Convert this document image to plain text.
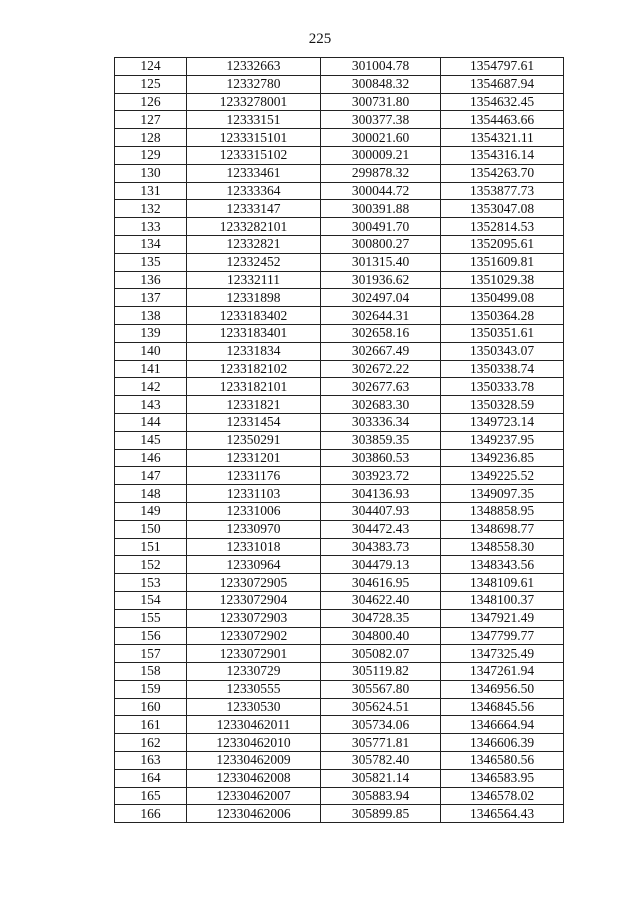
225
124	12332663	301004.78	1354797.61
125	12332780	300848.32	1354687.94
126	1233278001	300731.80	1354632.45
127	12333151	300377.38	1354463.66
128	1233315101	300021.60	1354321.11
129	1233315102	300009.21	1354316.14
130	12333461	299878.32	1354263.70
131	12333364	300044.72	1353877.73
132	12333147	300391.88	1353047.08
133	1233282101	300491.70	1352814.53
134	12332821	300800.27	1352095.61
135	12332452	301315.40	1351609.81
136	12332111	301936.62	1351029.38
137	12331898	302497.04	1350499.08
138	1233183402	302644.31	1350364.28
139	1233183401	302658.16	1350351.61
140	12331834	302667.49	1350343.07
141	1233182102	302672.22	1350338.74
142	1233182101	302677.63	1350333.78
143	12331821	302683.30	1350328.59
144	12331454	303336.34	1349723.14
145	12350291	303859.35	1349237.95
146	12331201	303860.53	1349236.85
147	12331176	303923.72	1349225.52
148	12331103	304136.93	1349097.35
149	12331006	304407.93	1348858.95
150	12330970	304472.43	1348698.77
151	12331018	304383.73	1348558.30
152	12330964	304479.13	1348343.56
153	1233072905	304616.95	1348109.61
154	1233072904	304622.40	1348100.37
155	1233072903	304728.35	1347921.49
156	1233072902	304800.40	1347799.77
157	1233072901	305082.07	1347325.49
158	12330729	305119.82	1347261.94
159	12330555	305567.80	1346956.50
160	12330530	305624.51	1346845.56
161	12330462011	305734.06	1346664.94
162	12330462010	305771.81	1346606.39
163	12330462009	305782.40	1346580.56
164	12330462008	305821.14	1346583.95
165	12330462007	305883.94	1346578.02
166	12330462006	305899.85	1346564.43
